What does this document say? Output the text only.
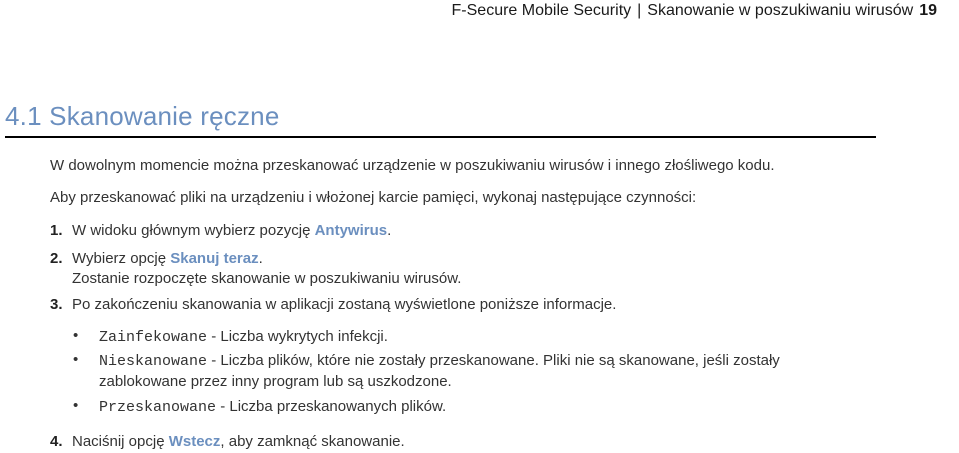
F-Secure Mobile Security | Skanowanie w poszukiwaniu wirusów 19
4.1 Skanowanie ręczne
W dowolnym momencie można przeskanować urządzenie w poszukiwaniu wirusów i innego złośliwego kodu.
Aby przeskanować pliki na urządzeniu i włożonej karcie pamięci, wykonaj następujące czynności:
1. W widoku głównym wybierz pozycję Antywirus.
2. Wybierz opcję Skanuj teraz.
Zostanie rozpoczęte skanowanie w poszukiwaniu wirusów.
3. Po zakończeniu skanowania w aplikacji zostaną wyświetlone poniższe informacje.
• Zainfekowane - Liczba wykrytych infekcji.
• Nieskanowane - Liczba plików, które nie zostały przeskanowane. Pliki nie są skanowane, jeśli zostały
zablokowane przez inny program lub są uszkodzone.
• Przeskanowane - Liczba przeskanowanych plików.
4. Naciśnij opcję Wstecz, aby zamknąć skanowanie.
